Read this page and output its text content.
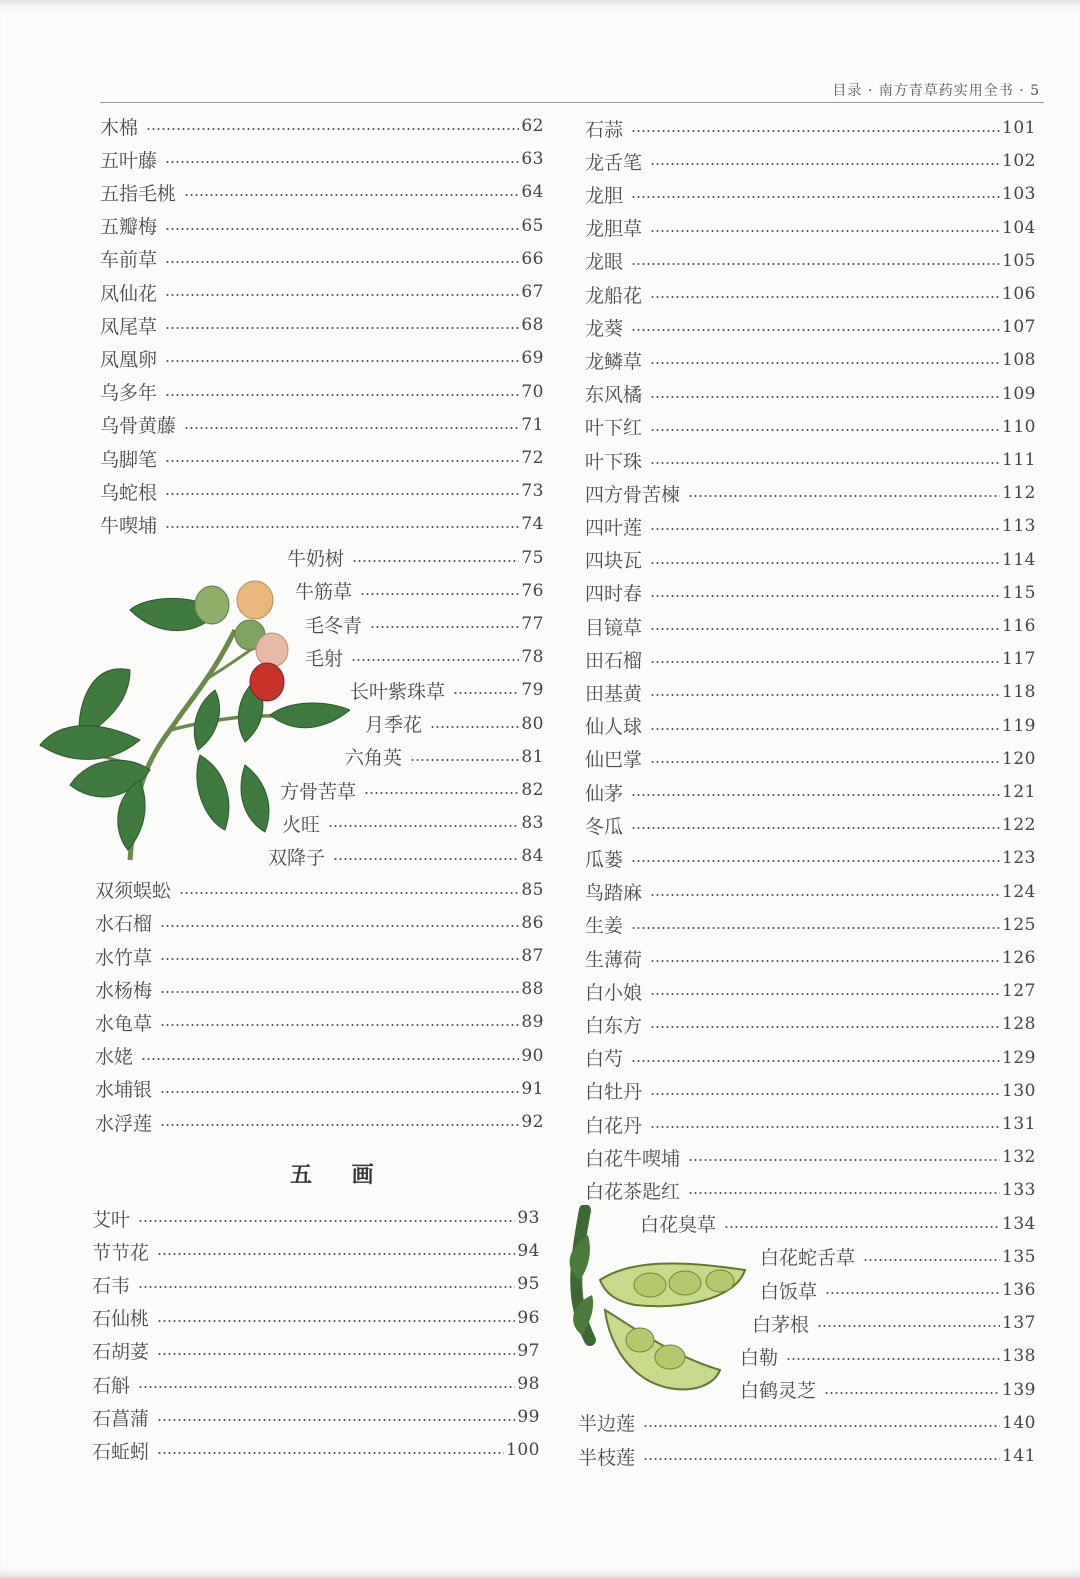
目录 · 南方青草药实用全书 · 5
木棉	62
五叶藤	63
五指毛桃	64
五瓣梅	65
车前草	66
凤仙花	67
凤尾草	68
凤凰卵	69
乌多年	70
乌骨黄藤	71
乌脚笔	72
乌蛇根	73
牛喫埔	74
牛奶树	75
牛筋草	76
毛冬青	77
毛射	78
长叶紫珠草	79
月季花	80
六角英	81
方骨苦草	82
火旺	83
双降子	84
双须蜈蚣	85
水石榴	86
水竹草	87
水杨梅	88
水龟草	89
水姥	90
水埔银	91
水浮莲	92
艾叶	93
节节花	94
石韦	95
石仙桃	96
石胡荽	97
石斛	98
石菖蒲	99
石蚯蚓	100
石蒜	101
龙舌笔	102
龙胆	103
龙胆草	104
龙眼	105
龙船花	106
龙葵	107
龙鳞草	108
东风橘	109
叶下红	110
叶下珠	111
四方骨苦楝	112
四叶莲	113
四块瓦	114
四时春	115
目镜草	116
田石榴	117
田基黄	118
仙人球	119
仙巴掌	120
仙茅	121
冬瓜	122
瓜蒌	123
鸟踏麻	124
生姜	125
生薄荷	126
白小娘	127
白东方	128
白芍	129
白牡丹	130
白花丹	131
白花牛喫埔	132
白花茶匙红	133
白花臭草	134
白花蛇舌草	135
白饭草	136
白茅根	137
白勒	138
白鹤灵芝	139
半边莲	140
半枝莲	141
五 画
